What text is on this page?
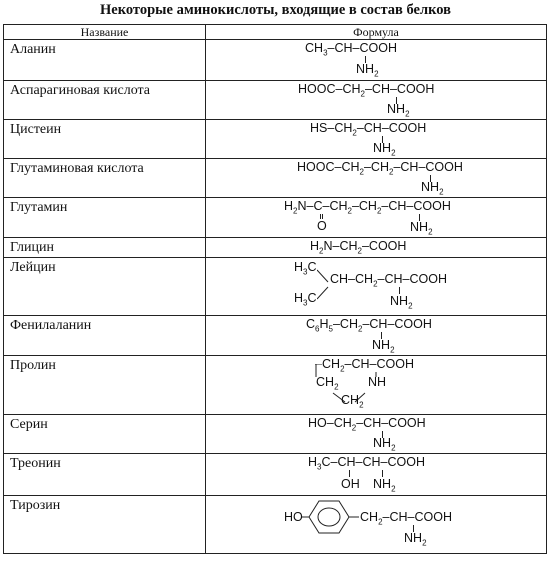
Некоторые аминокислоты, входящие в состав белков
Название	Формула
Аланин	$CH_3-CH$–COOH
$NH_2$

Аспарагиновая кислота	HOOC–$CH_2-CH$–COOH
$NH_2$

Цистеин	$HS-CH_2-CH$–COOH
$NH_2$

Глутаминовая кислота	HOOC–$CH_2-CH_2-CH$–COOH
$NH_2$

Глутамин	$H_2N-C-CH_2-CH_2-CH$–COOH
O $NH_2$

Глицин	$H_2N-CH_2$–COOH

Лейцин	$H_3C$
$CH-CH_2-CH$–COOH
$H_3C$ $NH_2$

Фенилаланин	$C_6H_5-CH_2-CH$–COOH
$NH_2$

Пролин	$CH_2-CH$–COOH
$CH_2$ NH
$CH_2$

Серин	$HO-CH_2-CH$–COOH
$NH_2$

Треонин	$H_3C-CH-CH$–COOH
OH $NH_2$

Тирозин	HO $CH_2-CH$–COOH
$NH_2$
